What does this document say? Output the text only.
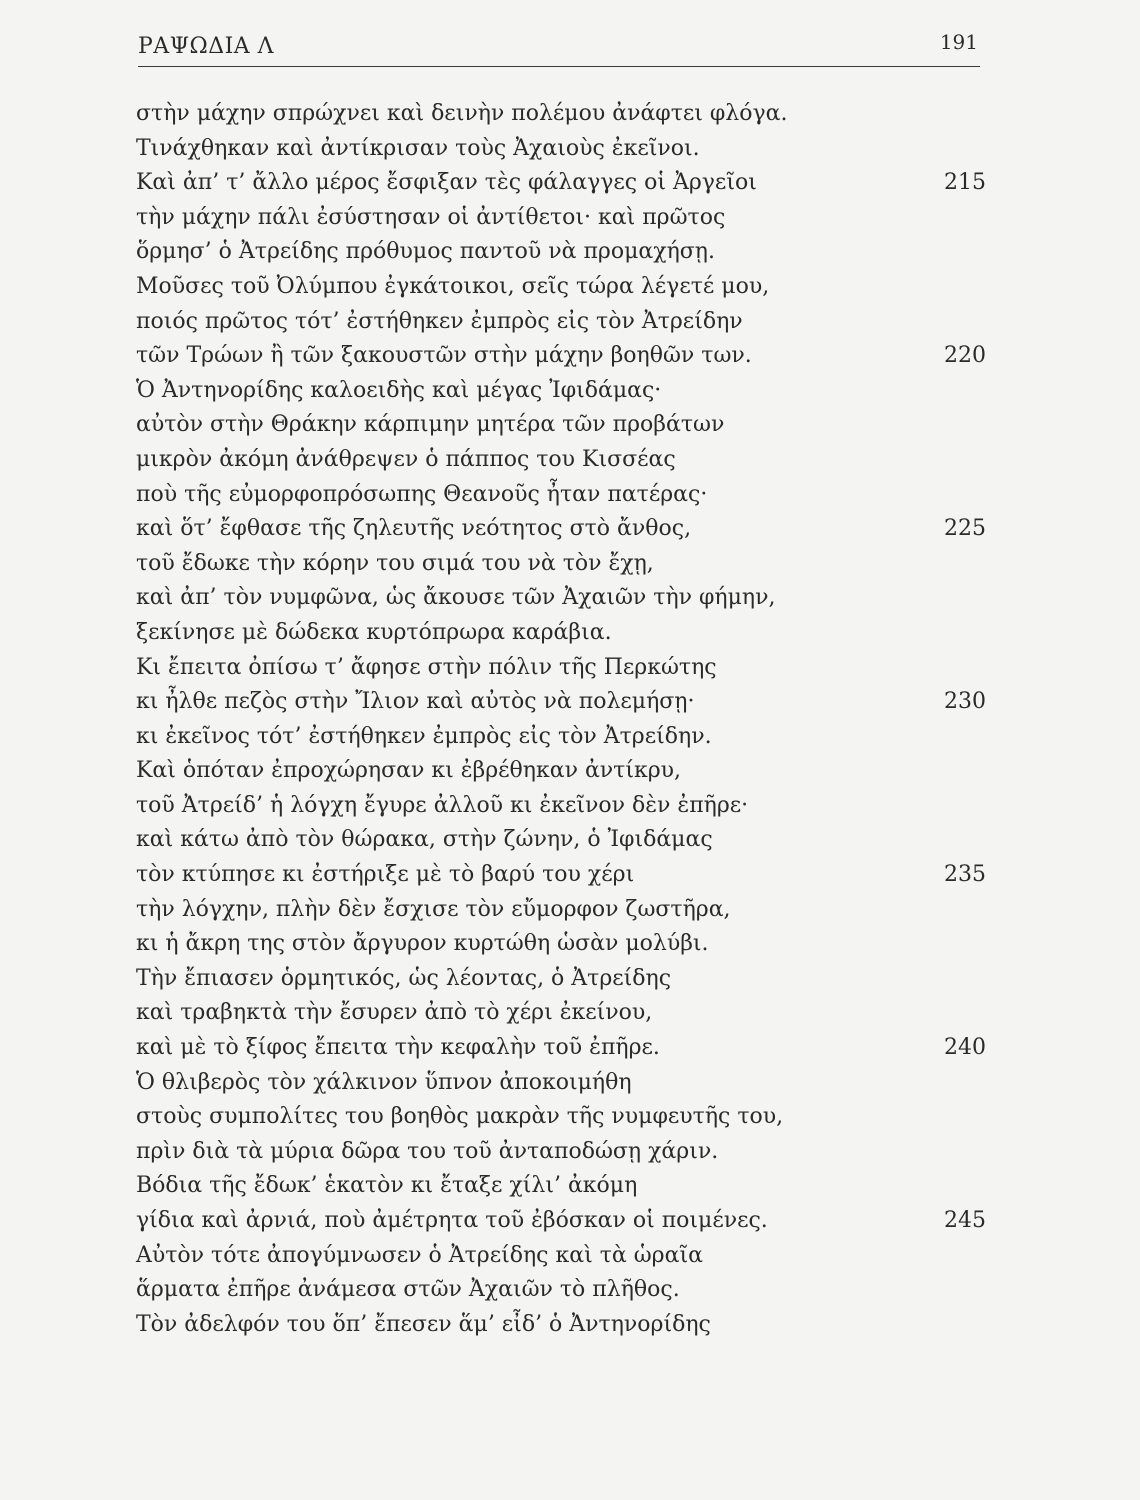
ΡΑΨΩΔΙΑ Λ	191
στὴν μάχην σπρώχνει καὶ δεινὴν πολέμου ἀνάφτει φλόγα.
Τινάχθηκαν καὶ ἀντίκρισαν τοὺς Ἀχαιοὺς ἐκεῖνοι.
Καὶ ἀπ’ τ’ ἄλλο μέρος ἔσφιξαν τὲς φάλαγγες οἱ Ἀργεῖοι	215
τὴν μάχην πάλι ἐσύστησαν οἱ ἀντίθετοι· καὶ πρῶτος
ὅρμησ’ ὁ Ἀτρείδης πρόθυμος παντοῦ νὰ προμαχήσῃ.
Μοῦσες τοῦ Ὀλύμπου ἐγκάτοικοι, σεῖς τώρα λέγετέ μου,
ποιός πρῶτος τότ’ ἐστήθηκεν ἐμπρὸς εἰς τὸν Ἀτρείδην
τῶν Τρώων ἢ τῶν ξακουστῶν στὴν μάχην βοηθῶν των.	220
Ὁ Ἀντηνορίδης καλοειδὴς καὶ μέγας Ἰφιδάμας·
αὐτὸν στὴν Θράκην κάρπιμην μητέρα τῶν προβάτων
μικρὸν ἀκόμη ἀνάθρεψεν ὁ πάππος του Κισσέας
ποὺ τῆς εὐμορφοπρόσωπης Θεανοῦς ἦταν πατέρας·
καὶ ὅτ’ ἔφθασε τῆς ζηλευτῆς νεότητος στὸ ἄνθος,	225
τοῦ ἔδωκε τὴν κόρην του σιμά του νὰ τὸν ἔχῃ,
καὶ ἀπ’ τὸν νυμφῶνα, ὡς ἄκουσε τῶν Ἀχαιῶν τὴν φήμην,
ξεκίνησε μὲ δώδεκα κυρτόπρωρα καράβια.
Κι ἔπειτα ὀπίσω τ’ ἄφησε στὴν πόλιν τῆς Περκώτης
κι ἦλθε πεζὸς στὴν Ἴλιον καὶ αὐτὸς νὰ πολεμήσῃ·	230
κι ἐκεῖνος τότ’ ἐστήθηκεν ἐμπρὸς εἰς τὸν Ἀτρείδην.
Καὶ ὁπόταν ἐπροχώρησαν κι ἐβρέθηκαν ἀντίκρυ,
τοῦ Ἀτρείδ’ ἡ λόγχη ἔγυρε ἀλλοῦ κι ἐκεῖνον δὲν ἐπῆρε·
καὶ κάτω ἀπὸ τὸν θώρακα, στὴν ζώνην, ὁ Ἰφιδάμας
τὸν κτύπησε κι ἐστήριξε μὲ τὸ βαρύ του χέρι	235
τὴν λόγχην, πλὴν δὲν ἔσχισε τὸν εὔμορφον ζωστῆρα,
κι ἡ ἄκρη της στὸν ἄργυρον κυρτώθη ὡσὰν μολύβι.
Τὴν ἔπιασεν ὁρμητικός, ὡς λέοντας, ὁ Ἀτρείδης
καὶ τραβηκτὰ τὴν ἔσυρεν ἀπὸ τὸ χέρι ἐκείνου,
καὶ μὲ τὸ ξίφος ἔπειτα τὴν κεφαλὴν τοῦ ἐπῆρε.	240
Ὁ θλιβερὸς τὸν χάλκινον ὕπνον ἀποκοιμήθη
στοὺς συμπολίτες του βοηθὸς μακρὰν τῆς νυμφευτῆς του,
πρὶν διὰ τὰ μύρια δῶρα του τοῦ ἀνταποδώσῃ χάριν.
Βόδια τῆς ἔδωκ’ ἑκατὸν κι ἔταξε χίλι’ ἀκόμη
γίδια καὶ ἀρνιά, ποὺ ἀμέτρητα τοῦ ἐβόσκαν οἱ ποιμένες.	245
Αὐτὸν τότε ἀπογύμνωσεν ὁ Ἀτρείδης καὶ τὰ ὡραῖα
ἅρματα ἐπῆρε ἀνάμεσα στῶν Ἀχαιῶν τὸ πλῆθος.
Τὸν ἀδελφόν του ὅπ’ ἔπεσεν ἅμ’ εἶδ’ ὁ Ἀντηνορίδης
